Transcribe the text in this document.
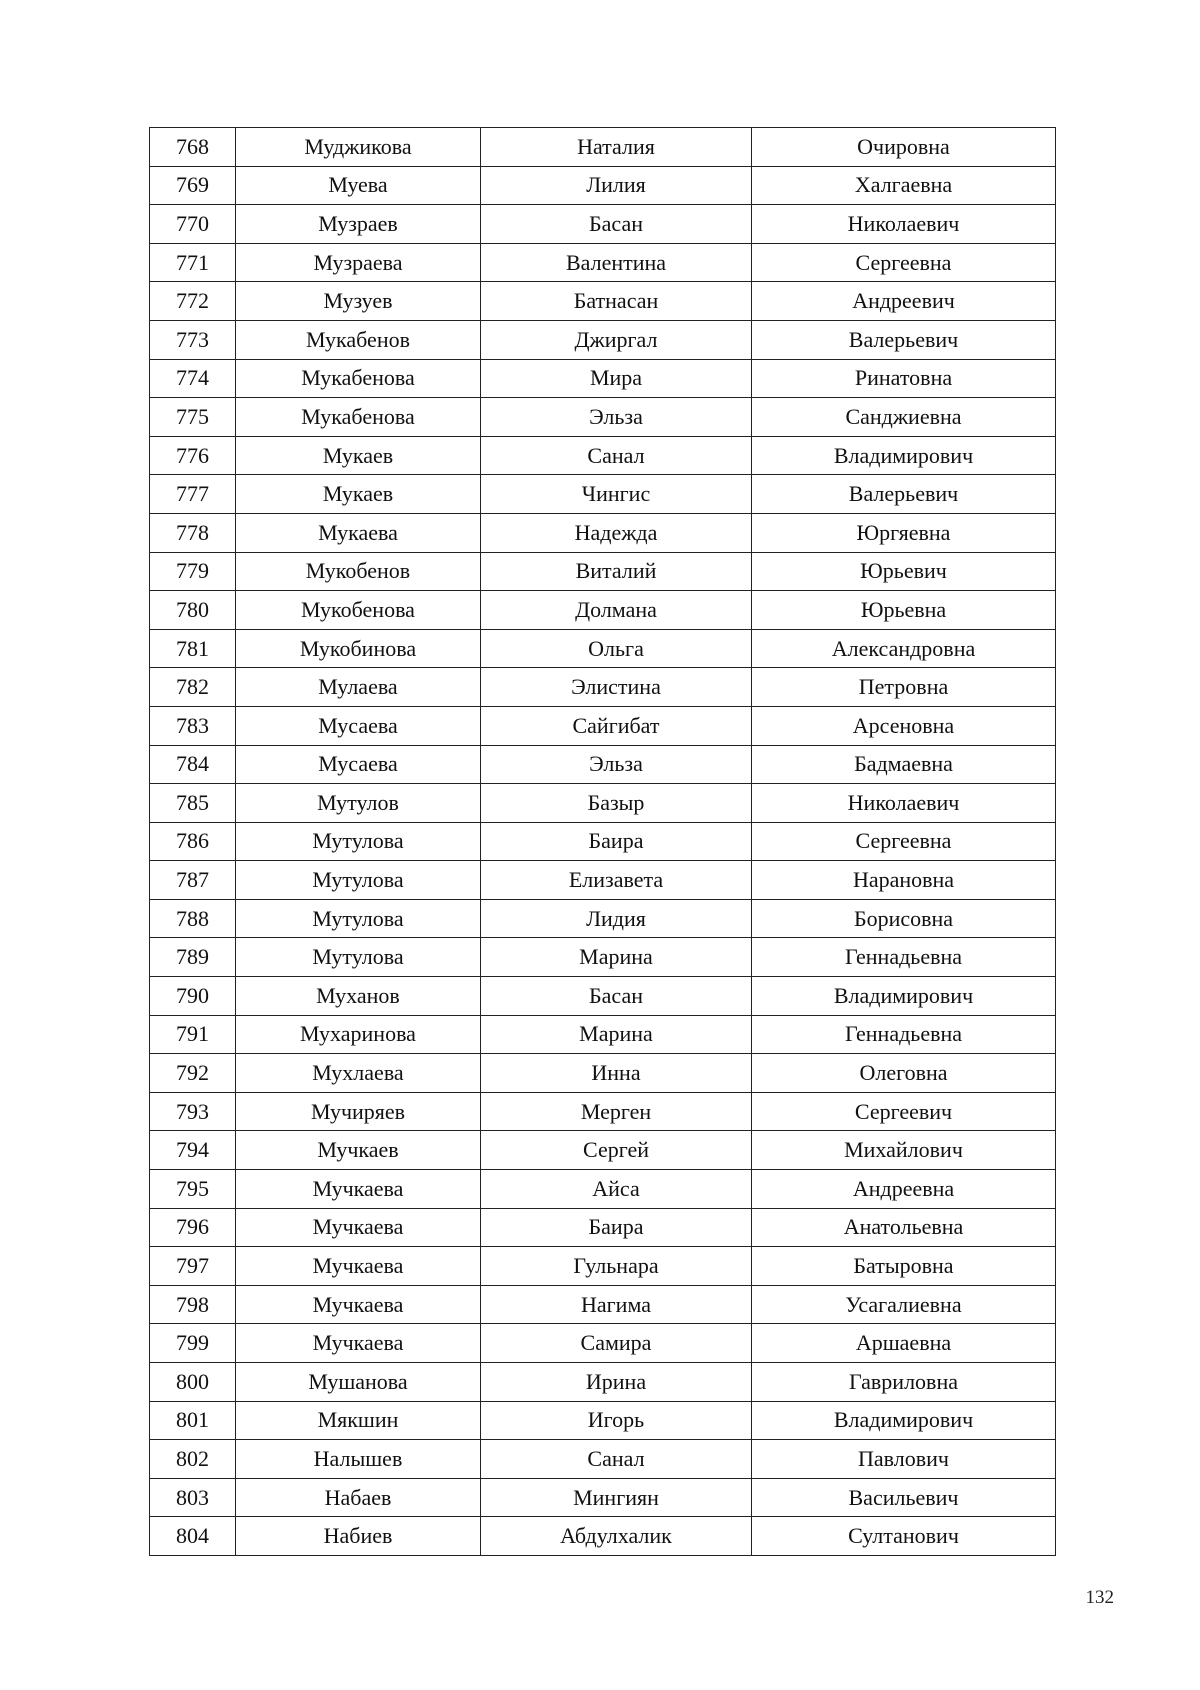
768	Муджикова	Наталия	Очировна
769	Муева	Лилия	Халгаевна
770	Музраев	Басан	Николаевич
771	Музраева	Валентина	Сергеевна
772	Музуев	Батнасан	Андреевич
773	Мукабенов	Джиргал	Валерьевич
774	Мукабенова	Мира	Ринатовна
775	Мукабенова	Эльза	Санджиевна
776	Мукаев	Санал	Владимирович
777	Мукаев	Чингис	Валерьевич
778	Мукаева	Надежда	Юргяевна
779	Мукобенов	Виталий	Юрьевич
780	Мукобенова	Долмана	Юрьевна
781	Мукобинова	Ольга	Александровна
782	Мулаева	Элистина	Петровна
783	Мусаева	Сайгибат	Арсеновна
784	Мусаева	Эльза	Бадмаевна
785	Мутулов	Базыр	Николаевич
786	Мутулова	Баира	Сергеевна
787	Мутулова	Елизавета	Нарановна
788	Мутулова	Лидия	Борисовна
789	Мутулова	Марина	Геннадьевна
790	Муханов	Басан	Владимирович
791	Мухаринова	Марина	Геннадьевна
792	Мухлаева	Инна	Олеговна
793	Мучиряев	Мерген	Сергеевич
794	Мучкаев	Сергей	Михайлович
795	Мучкаева	Айса	Андреевна
796	Мучкаева	Баира	Анатольевна
797	Мучкаева	Гульнара	Батыровна
798	Мучкаева	Нагима	Усагалиевна
799	Мучкаева	Самира	Аршаевна
800	Мушанова	Ирина	Гавриловна
801	Мякшин	Игорь	Владимирович
802	Налышев	Санал	Павлович
803	Набаев	Мингиян	Васильевич
804	Набиев	Абдулхалик	Султанович
132
